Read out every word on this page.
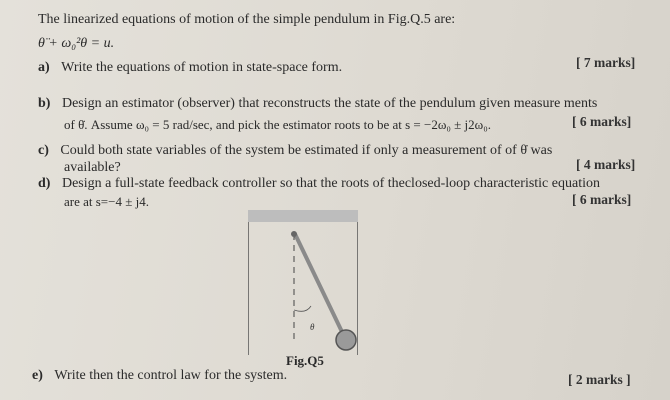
The linearized equations of motion of the simple pendulum in Fig.Q.5 are:
θ̈ + ω₀²θ = u.
a) Write the equations of motion in state-space form.	[ 7 marks]
b) Design an estimator (observer) that reconstructs the state of the pendulum given measure ments
of θ̇. Assume ω₀ = 5 rad/sec, and pick the estimator roots to be at s = −2ω₀ ± j2ω₀.	[ 6 marks]
c) Could both state variables of the system be estimated if only a measurement of of θ̇ was
available?	[ 4 marks]
d) Design a full-state feedback controller so that the roots of theclosed-loop characteristic equation
are at s=−4 ± j4.	[ 6 marks]
θ
Fig.Q5
e) Write then the control law for the system.	[ 2 marks ]
